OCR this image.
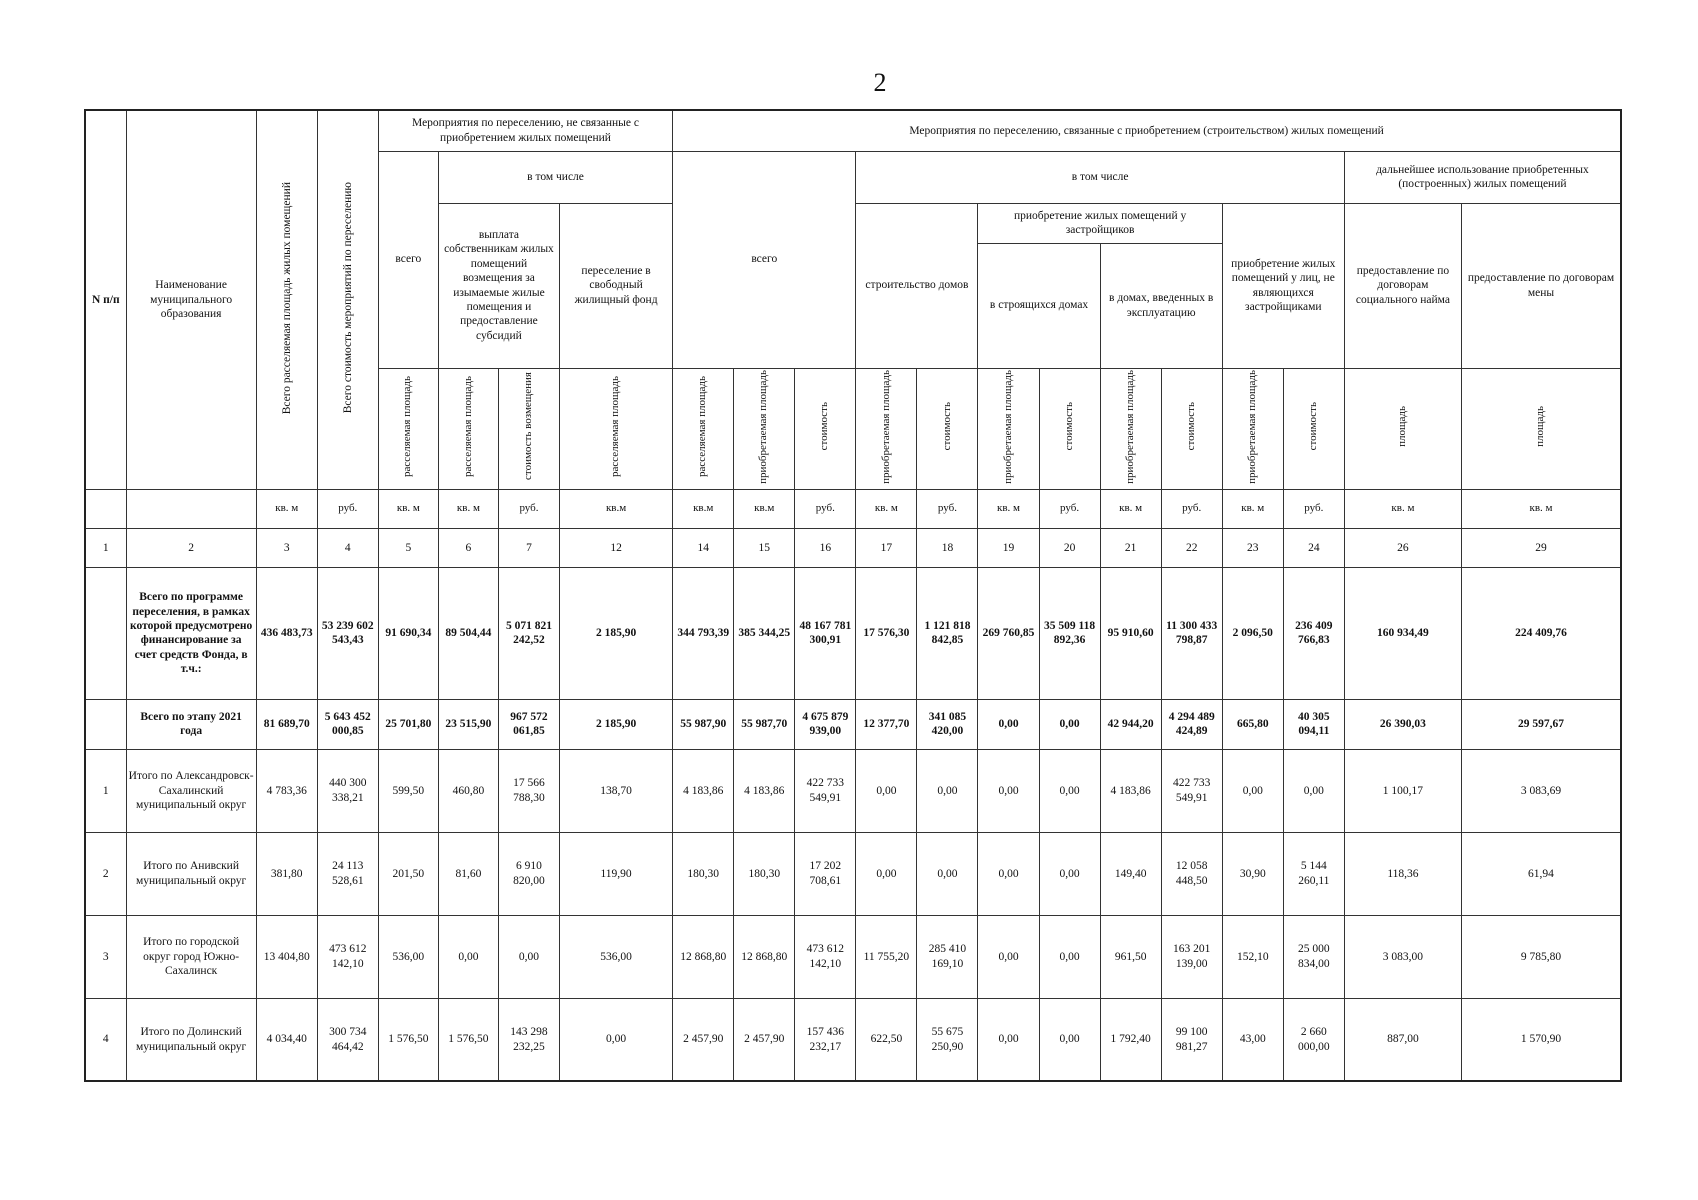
2
N п/п	Наименование муниципального образования	Всего расселяемая площадь жилых помещений	Всего стоимость мероприятий по переселению	Мероприятия по переселению, не связанные с приобретением жилых помещений				Мероприятия по переселению, связанные с приобретением (строительством) жилых помещений												
				всего	в том числе			всего			в том числе								дальнейшее использование приобретенных (построенных) жилых помещений	
					выплата собственникам жилых помещений возмещения за изымаемые жилые помещения и предоставление субсидий		переселение в свободный жилищный фонд				строительство домов		приобретение жилых помещений у застройщиков				приобретение жилых помещений у лиц, не являющихся застройщиками		предоставление по договорам социального найма	предоставление по договорам мены
													в строящихся домах		в домах, введенных в эксплуатацию					
				расселяемая площадь	расселяемая площадь	стоимость возмещения	расселяемая площадь	расселяемая площадь	приобретаемая площадь	стоимость	приобретаемая площадь	стоимость	приобретаемая площадь	стоимость	приобретаемая площадь	стоимость	приобретаемая площадь	стоимость	площадь	площадь
		кв. м	руб.	кв. м	кв. м	руб.	кв.м	кв.м	кв.м	руб.	кв. м	руб.	кв. м	руб.	кв. м	руб.	кв. м	руб.	кв. м	кв. м
1	2	3	4	5	6	7	12	14	15	16	17	18	19	20	21	22	23	24	26	29
	Всего по программе переселения, в рамках которой предусмотрено финансирование за счет средств Фонда, в т.ч.:	436 483,73	53 239 602 543,43	91 690,34	89 504,44	5 071 821 242,52	2 185,90	344 793,39	385 344,25	48 167 781 300,91	17 576,30	1 121 818 842,85	269 760,85	35 509 118 892,36	95 910,60	11 300 433 798,87	2 096,50	236 409 766,83	160 934,49	224 409,76
	Всего по этапу 2021 года	81 689,70	5 643 452 000,85	25 701,80	23 515,90	967 572 061,85	2 185,90	55 987,90	55 987,70	4 675 879 939,00	12 377,70	341 085 420,00	0,00	0,00	42 944,20	4 294 489 424,89	665,80	40 305 094,11	26 390,03	29 597,67
1	Итого по Александровск-Сахалинский муниципальный округ	4 783,36	440 300 338,21	599,50	460,80	17 566 788,30	138,70	4 183,86	4 183,86	422 733 549,91	0,00	0,00	0,00	0,00	4 183,86	422 733 549,91	0,00	0,00	1 100,17	3 083,69
2	Итого по Анивский муниципальный округ	381,80	24 113 528,61	201,50	81,60	6 910 820,00	119,90	180,30	180,30	17 202 708,61	0,00	0,00	0,00	0,00	149,40	12 058 448,50	30,90	5 144 260,11	118,36	61,94
3	Итого по городской округ город Южно-Сахалинск	13 404,80	473 612 142,10	536,00	0,00	0,00	536,00	12 868,80	12 868,80	473 612 142,10	11 755,20	285 410 169,10	0,00	0,00	961,50	163 201 139,00	152,10	25 000 834,00	3 083,00	9 785,80
4	Итого по Долинский муниципальный округ	4 034,40	300 734 464,42	1 576,50	1 576,50	143 298 232,25	0,00	2 457,90	2 457,90	157 436 232,17	622,50	55 675 250,90	0,00	0,00	1 792,40	99 100 981,27	43,00	2 660 000,00	887,00	1 570,90
